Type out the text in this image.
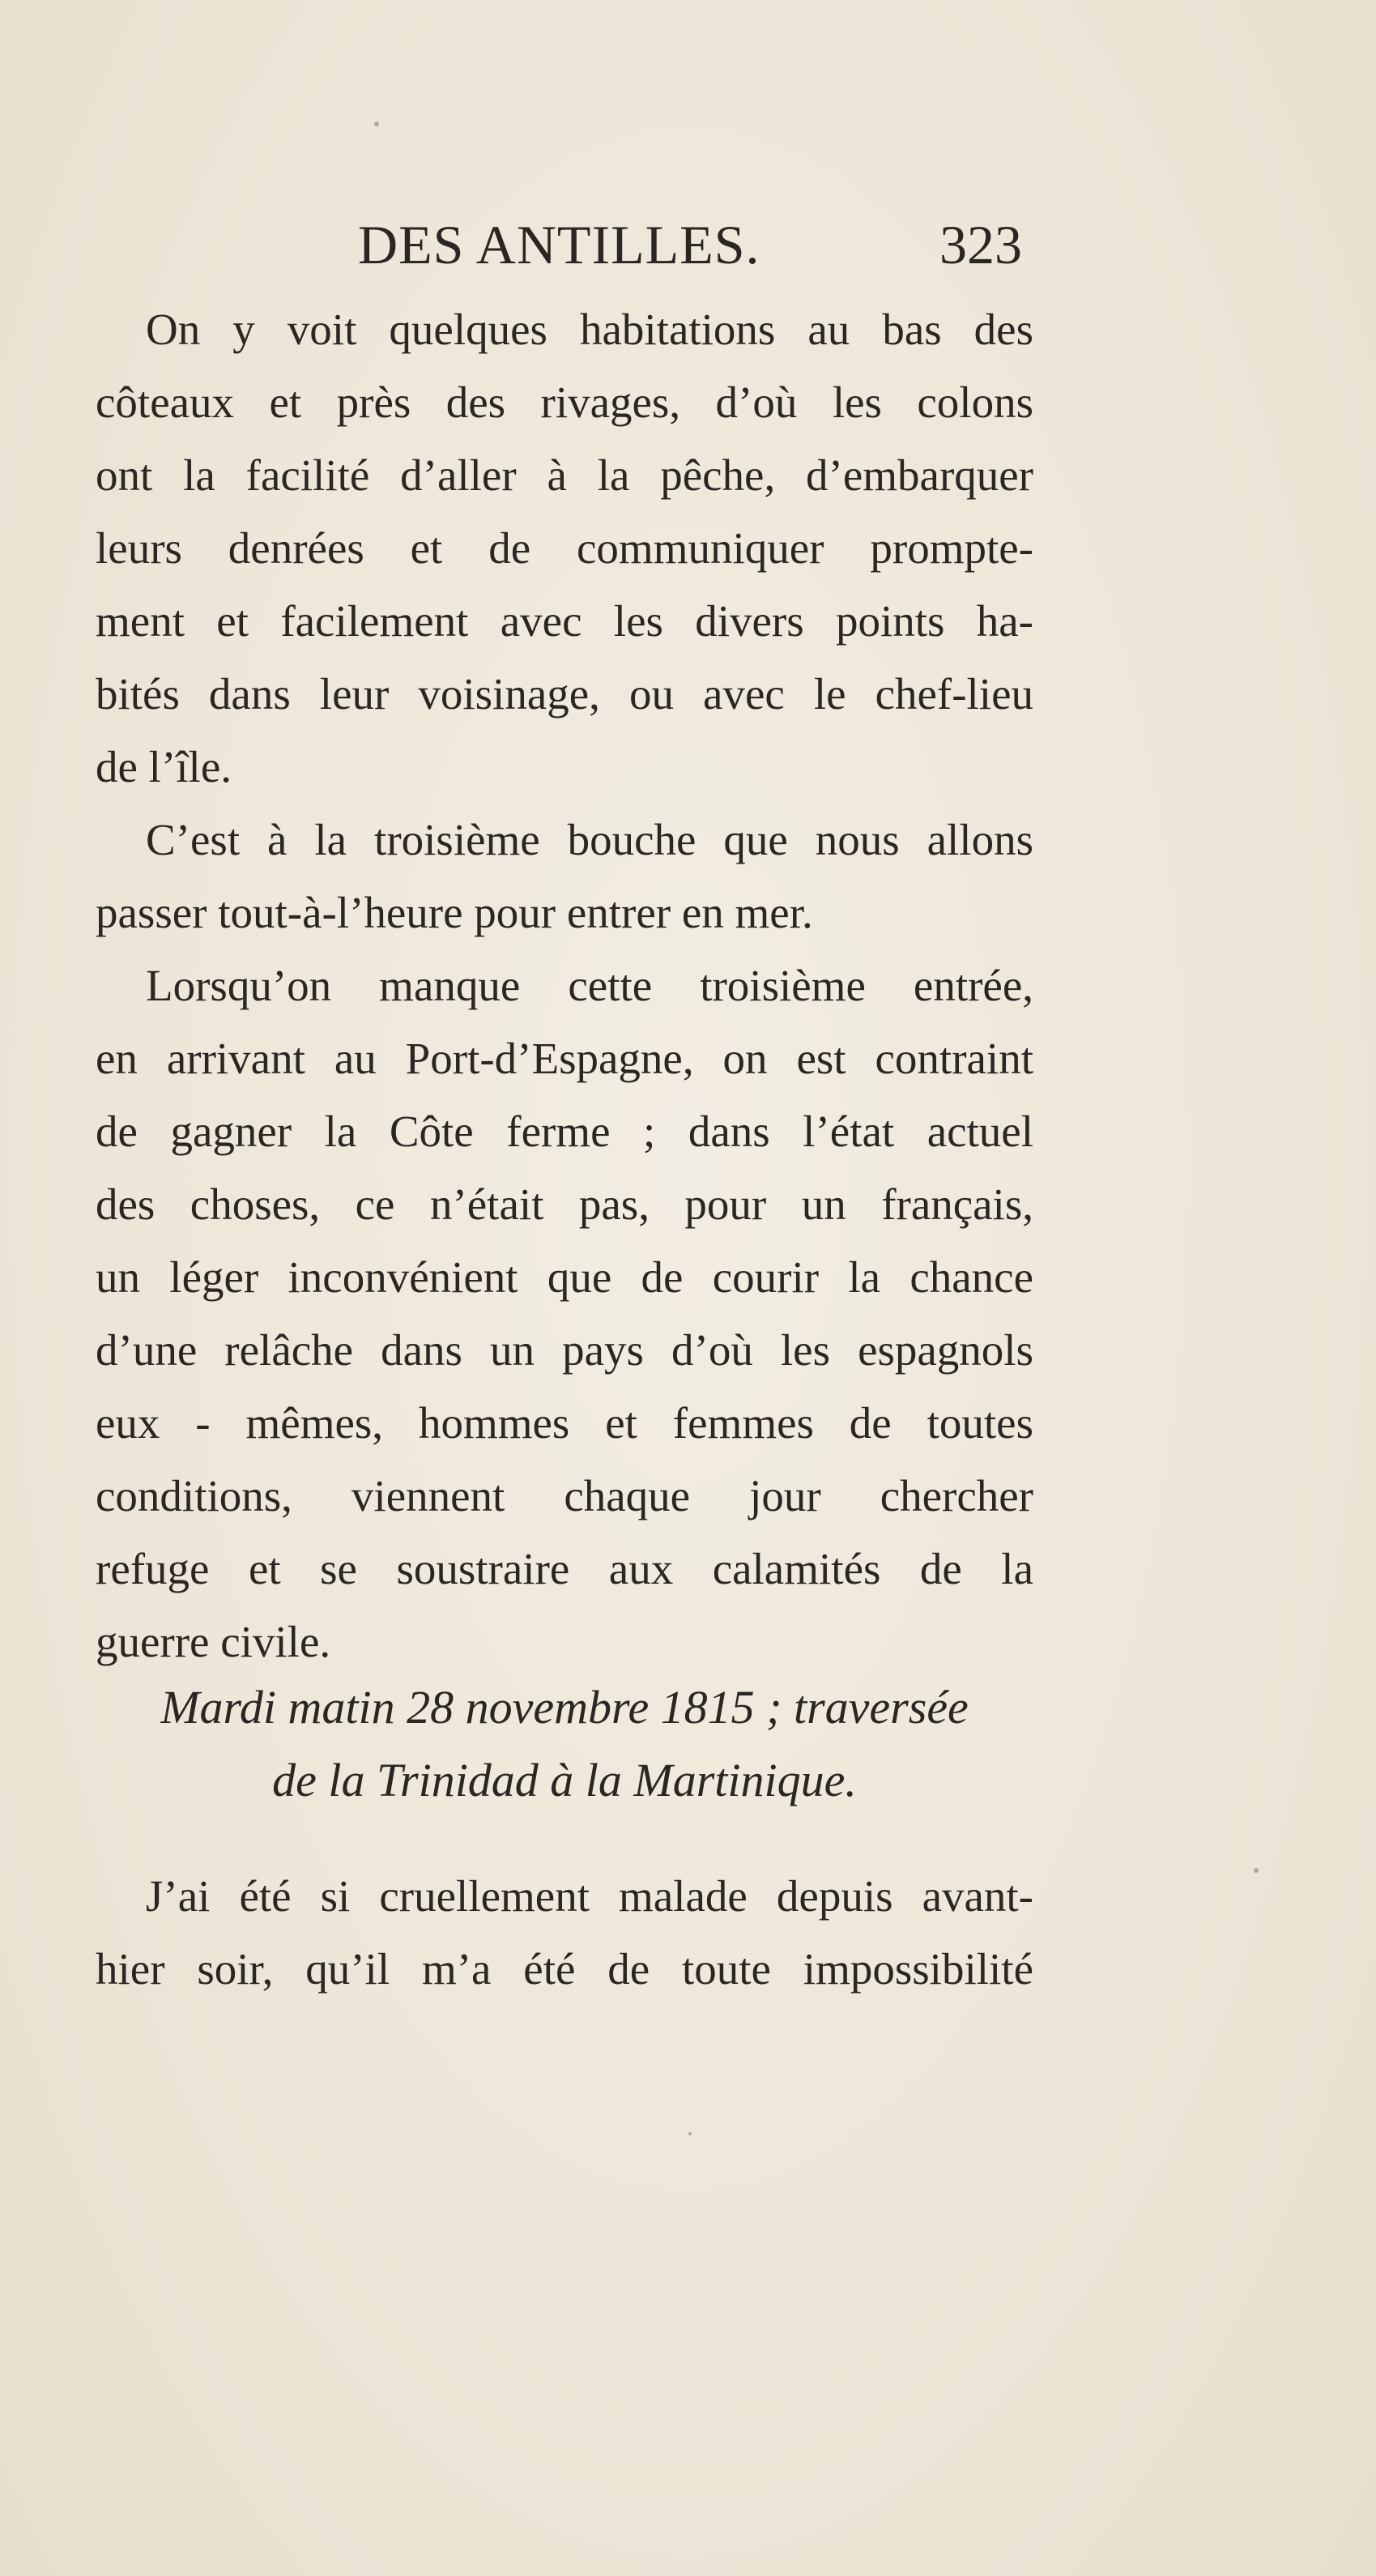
DES ANTILLES.	323
On y voit quelques habitations au bas des
côteaux et près des rivages, d’où les colons
ont la facilité d’aller à la pêche, d’embarquer
leurs denrées et de communiquer prompte-
ment et facilement avec les divers points ha-
bités dans leur voisinage, ou avec le chef-lieu
de l’île.
C’est à la troisième bouche que nous allons
passer tout-à-l’heure pour entrer en mer.
Lorsqu’on manque cette troisième entrée,
en arrivant au Port-d’Espagne, on est contraint
de gagner la Côte ferme ; dans l’état actuel
des choses, ce n’était pas, pour un français,
un léger inconvénient que de courir la chance
d’une relâche dans un pays d’où les espagnols
eux - mêmes, hommes et femmes de toutes
conditions, viennent chaque jour chercher
refuge et se soustraire aux calamités de la
guerre civile.
Mardi matin 28 novembre 1815 ; traversée
de la Trinidad à la Martinique.
J’ai été si cruellement malade depuis avant-
hier soir, qu’il m’a été de toute impossibilité
